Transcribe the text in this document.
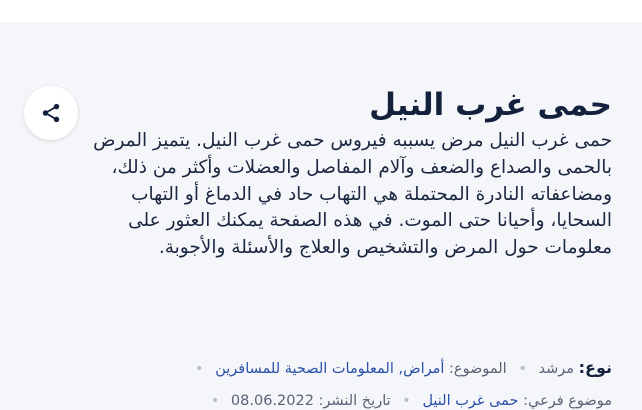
حمى غرب النيل

حمى غرب النيل مرض يسببه فيروس حمى غرب النيل. يتميز المرض بالحمى والصداع والضعف وآلام المفاصل والعضلات وأكثر من ذلك، ومضاعفاته النادرة المحتملة هي التهاب حاد في الدماغ أو التهاب السحايا، وأحيانا حتى الموت. في هذه الصفحة يمكنك العثور على معلومات حول المرض والتشخيص والعلاج والأسئلة والأجوبة.

نوع: مرشد • الموضوع: أمراض, المعلومات الصحية للمسافرين •
موضوع فرعي: حمى غرب النيل • تاريخ النشر: 08.06.2022 •
